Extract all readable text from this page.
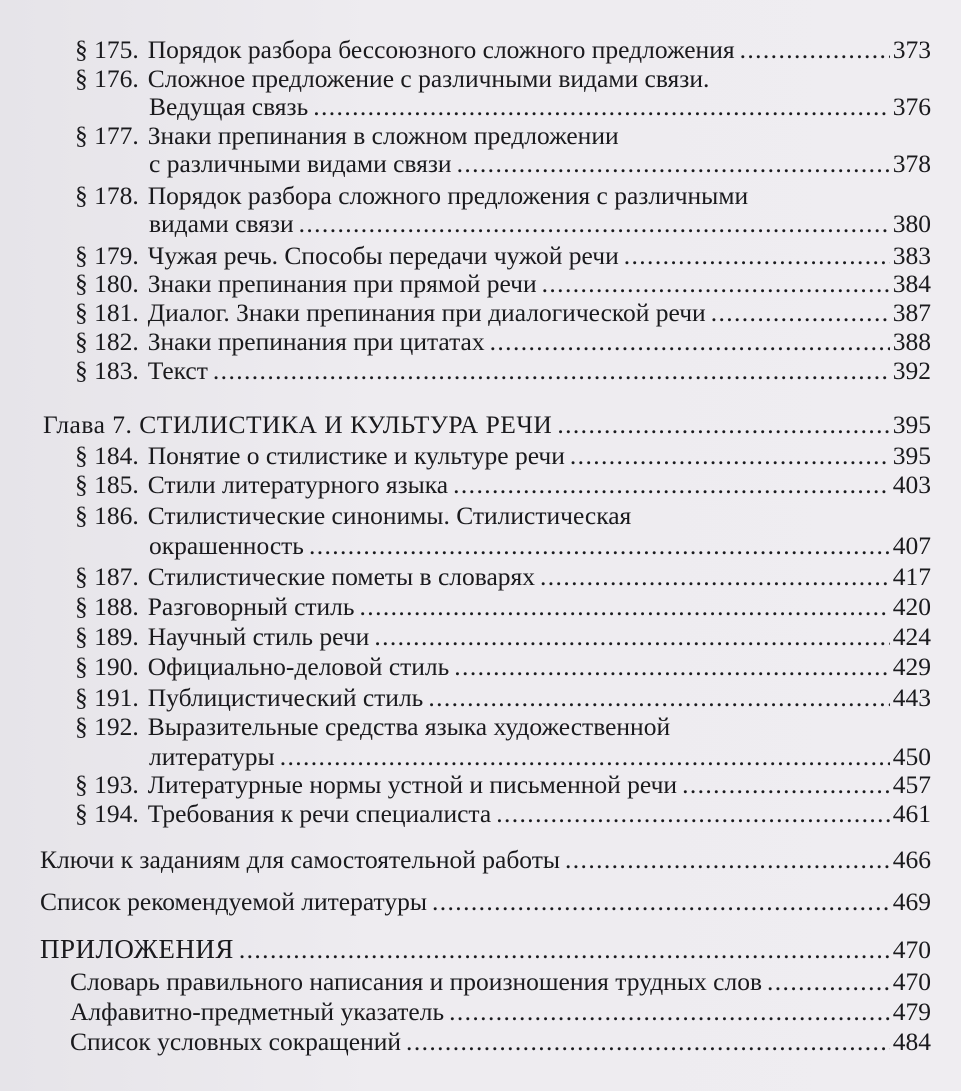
§ 175. Порядок разбора бессоюзного сложного предложения .....	373
§ 176. Сложное предложение с различными видами связи.
Ведущая связь .....	376
§ 177. Знаки препинания в сложном предложении
с различными видами связи .....	378
§ 178. Порядок разбора сложного предложения с различными
видами связи .....	380
§ 179. Чужая речь. Способы передачи чужой речи .....	383
§ 180. Знаки препинания при прямой речи .....	384
§ 181. Диалог. Знаки препинания при диалогической речи .....	387
§ 182. Знаки препинания при цитатах .....	388
§ 183. Текст .....	392
Глава 7. СТИЛИСТИКА И КУЛЬТУРА РЕЧИ .....	395
§ 184. Понятие о стилистике и культуре речи .....	395
§ 185. Стили литературного языка .....	403
§ 186. Стилистические синонимы. Стилистическая
окрашенность .....	407
§ 187. Стилистические пометы в словарях .....	417
§ 188. Разговорный стиль .....	420
§ 189. Научный стиль речи .....	424
§ 190. Официально-деловой стиль .....	429
§ 191. Публицистический стиль .....	443
§ 192. Выразительные средства языка художественной
литературы .....	450
§ 193. Литературные нормы устной и письменной речи .....	457
§ 194. Требования к речи специалиста .....	461
Ключи к заданиям для самостоятельной работы .....	466
Список рекомендуемой литературы .....	469
ПРИЛОЖЕНИЯ .....	470
Словарь правильного написания и произношения трудных слов .....	470
Алфавитно-предметный указатель .....	479
Список условных сокращений .....	484
